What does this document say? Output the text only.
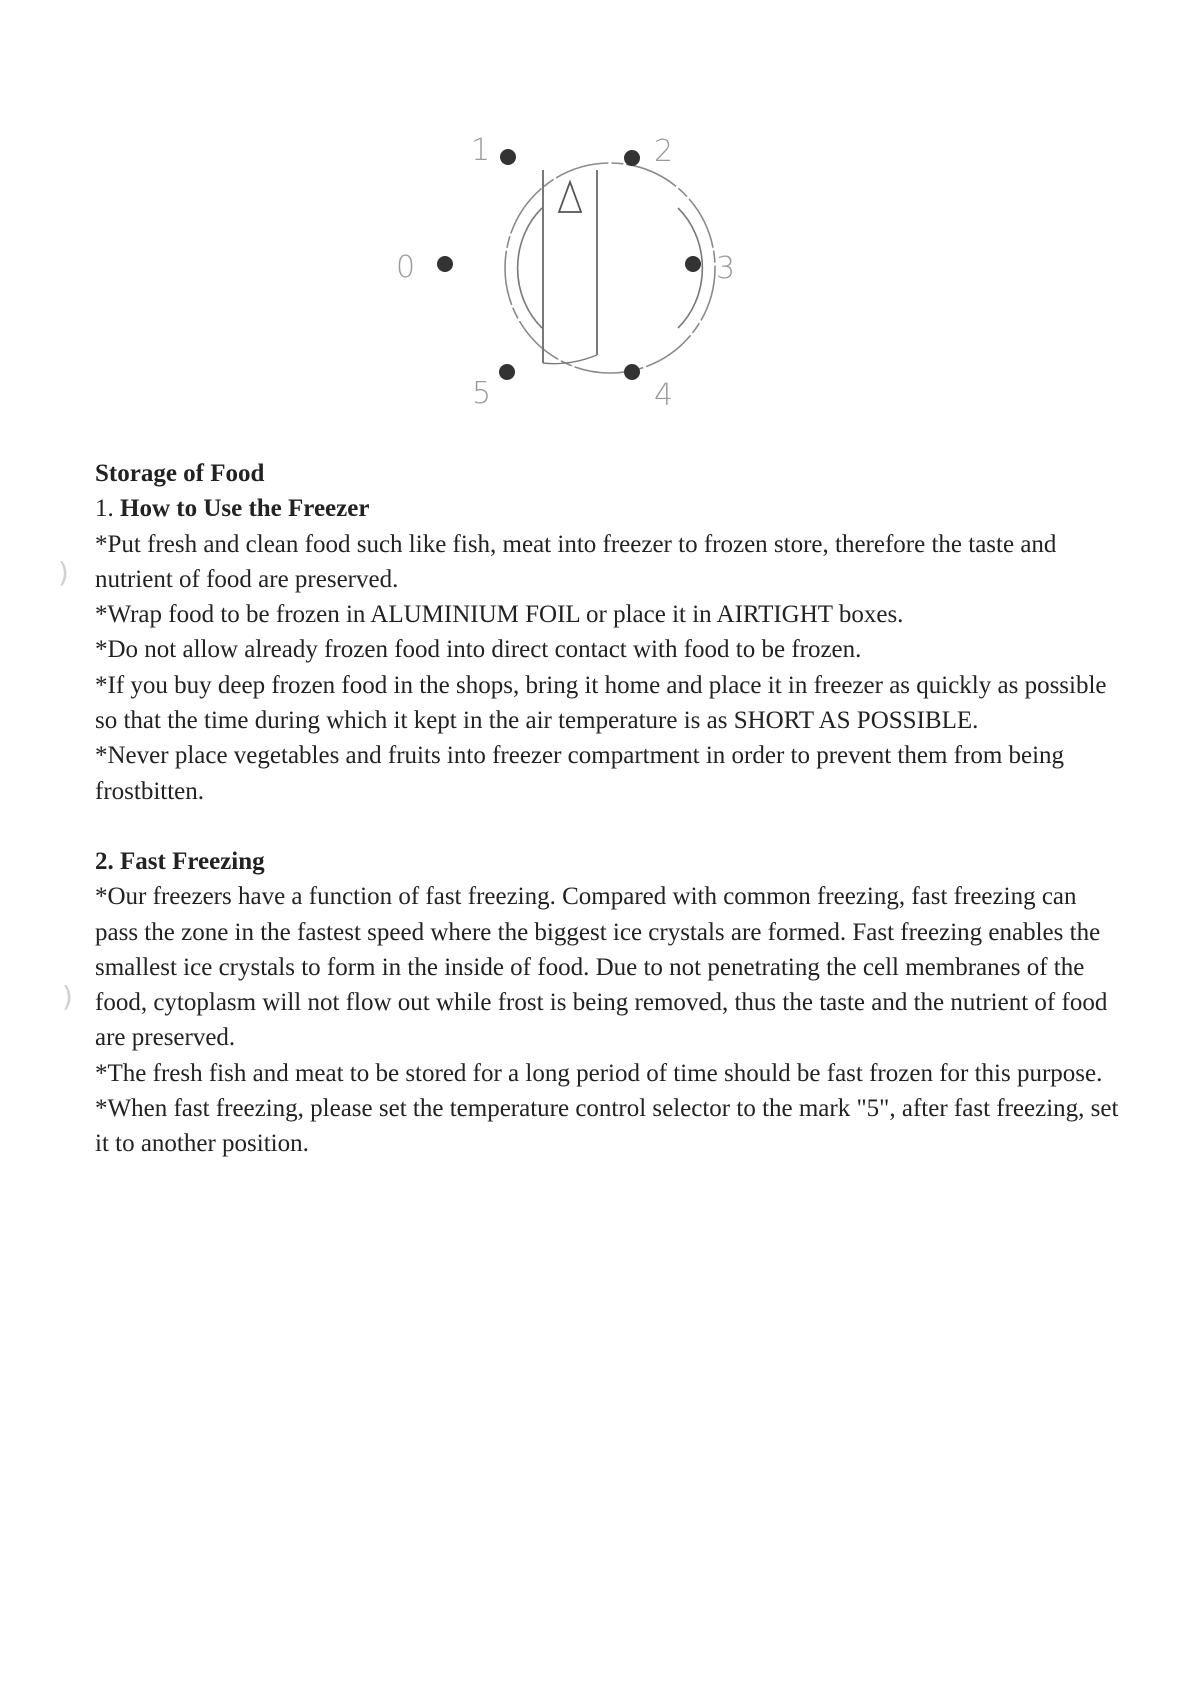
)
)
0
1	2
3
4
5

Storage of Food

1. How to Use the Freezer

*Put fresh and clean food such like fish, meat into freezer to frozen store, therefore the taste and nutrient of food are preserved.

*Wrap food to be frozen in ALUMINIUM FOIL or place it in AIRTIGHT boxes.

*Do not allow already frozen food into direct contact with food to be frozen.

*If you buy deep frozen food in the shops, bring it home and place it in freezer as quickly as possible so that the time during which it kept in the air temperature is as SHORT AS POSSIBLE.

*Never place vegetables and fruits into freezer compartment in order to prevent them from being frostbitten.

2. Fast Freezing

*Our freezers have a function of fast freezing. Compared with common freezing, fast freezing can pass the zone in the fastest speed where the biggest ice crystals are formed. Fast freezing enables the smallest ice crystals to form in the inside of food. Due to not penetrating the cell membranes of the food, cytoplasm will not flow out while frost is being removed, thus the taste and the nutrient of food are preserved.

*The fresh fish and meat to be stored for a long period of time should be fast frozen for this purpose.

*When fast freezing, please set the temperature control selector to the mark "5", after fast freezing, set it to another position.
